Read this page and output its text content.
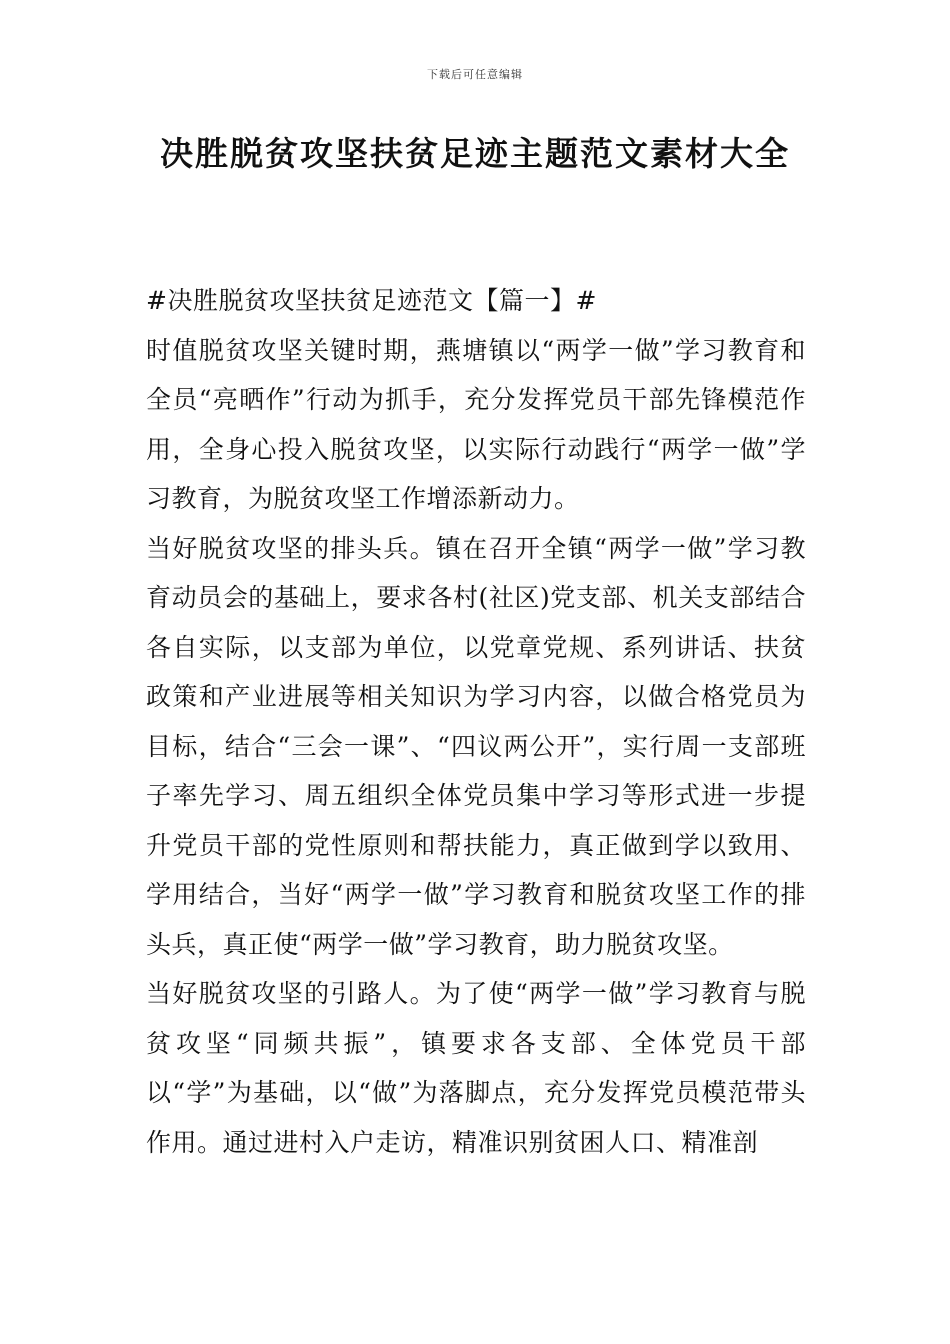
下载后可任意编辑
决胜脱贫攻坚扶贫足迹主题范文素材大全

#决胜脱贫攻坚扶贫足迹范文【篇一】#

时值脱贫攻坚关键时期，燕塘镇以“两学一做”学习教育和全员“亮晒作”行动为抓手，充分发挥党员干部先锋模范作用，全身心投入脱贫攻坚，以实际行动践行“两学一做”学习教育，为脱贫攻坚工作增添新动力。

当好脱贫攻坚的排头兵。镇在召开全镇“两学一做”学习教育动员会的基础上，要求各村(社区)党支部、机关支部结合各自实际，以支部为单位，以党章党规、系列讲话、扶贫政策和产业进展等相关知识为学习内容，以做合格党员为目标，结合“三会一课”、“四议两公开”，实行周一支部班子率先学习、周五组织全体党员集中学习等形式进一步提升党员干部的党性原则和帮扶能力，真正做到学以致用、学用结合，当好“两学一做”学习教育和脱贫攻坚工作的排头兵，真正使“两学一做”学习教育，助力脱贫攻坚。

当好脱贫攻坚的引路人。为了使“两学一做”学习教育与脱贫攻坚“同频共振”，镇要求各支部、全体党员干部以“学”为基础，以“做”为落脚点，充分发挥党员模范带头作用。通过进村入户走访，精准识别贫困人口、精准剖
